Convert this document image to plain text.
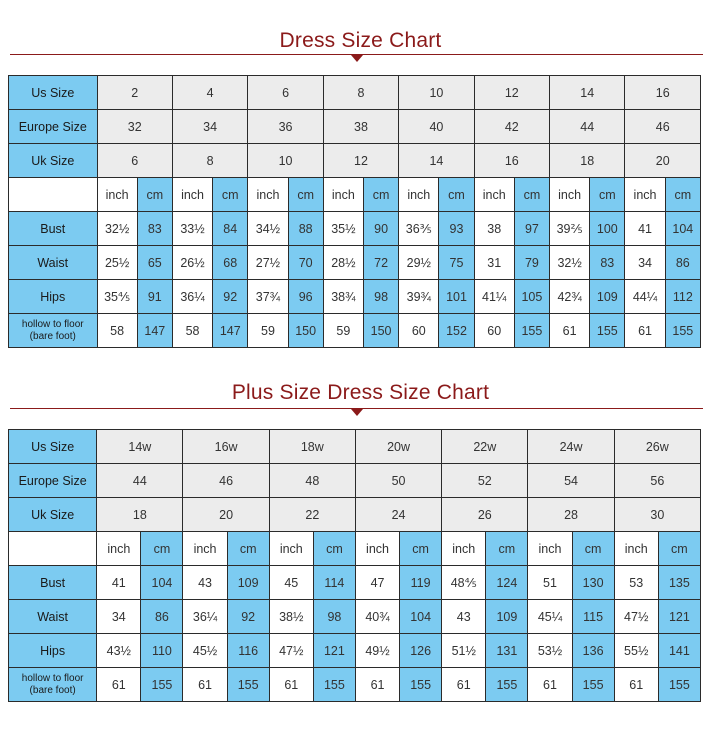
Dress Size Chart
Us Size	2		4		6		8		10		12		14		16	
Europe Size	32		34		36		38		40		42		44		46	
Uk Size	6		8		10		12		14		16		18		20	
	inch	cm	inch	cm	inch	cm	inch	cm	inch	cm	inch	cm	inch	cm	inch	cm
Bust	32½	83	33½	84	34½	88	35½	90	36⅗	93	38	97	39⅖	100	41	104
Waist	25½	65	26½	68	27½	70	28½	72	29½	75	31	79	32½	83	34	86
Hips	35⅘	91	36¼	92	37¾	96	38¾	98	39¾	101	41¼	105	42¾	109	44¼	112
hollow to floor (bare foot)	58	147	58	147	59	150	59	150	60	152	60	155	61	155	61	155
Plus Size Dress Size Chart
Us Size	14w		16w		18w		20w		22w		24w		26w	
Europe Size	44		46		48		50		52		54		56	
Uk Size	18		20		22		24		26		28		30	
	inch	cm	inch	cm	inch	cm	inch	cm	inch	cm	inch	cm	inch	cm
Bust	41	104	43	109	45	114	47	119	48⅘	124	51	130	53	135
Waist	34	86	36¼	92	38½	98	40¾	104	43	109	45¼	115	47½	121
Hips	43½	110	45½	116	47½	121	49½	126	51½	131	53½	136	55½	141
hollow to floor (bare foot)	61	155	61	155	61	155	61	155	61	155	61	155	61	155
